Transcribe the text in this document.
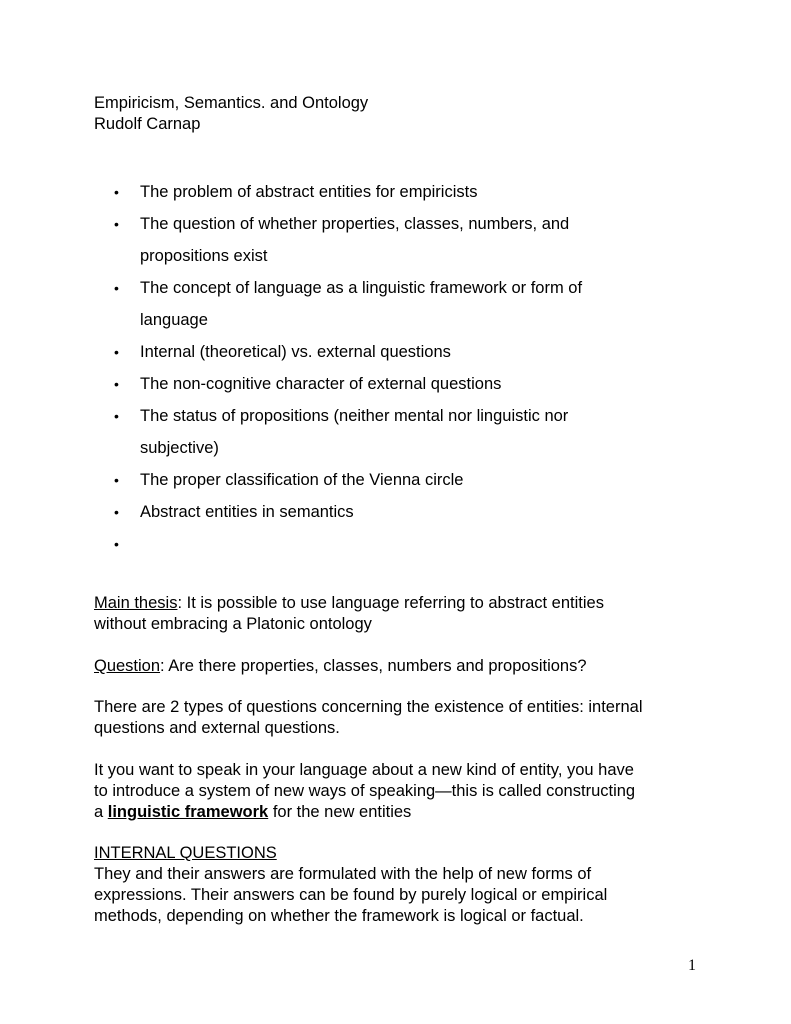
Empiricism, Semantics. and Ontology
Rudolf Carnap
• The problem of abstract entities for empiricists
• The question of whether properties, classes, numbers, and
propositions exist
• The concept of language as a linguistic framework or form of
language
• Internal (theoretical) vs. external questions
• The non-cognitive character of external questions
• The status of propositions (neither mental nor linguistic nor
subjective)
• The proper classification of the Vienna circle
• Abstract entities in semantics
•

Main thesis: It is possible to use language referring to abstract entities
without embracing a Platonic ontology
Question: Are there properties, classes, numbers and propositions?
There are 2 types of questions concerning the existence of entities: internal
questions and external questions.
It you want to speak in your language about a new kind of entity, you have
to introduce a system of new ways of speaking—this is called constructing
a linguistic framework for the new entities
INTERNAL QUESTIONS
They and their answers are formulated with the help of new forms of
expressions. Their answers can be found by purely logical or empirical
methods, depending on whether the framework is logical or factual.
1
